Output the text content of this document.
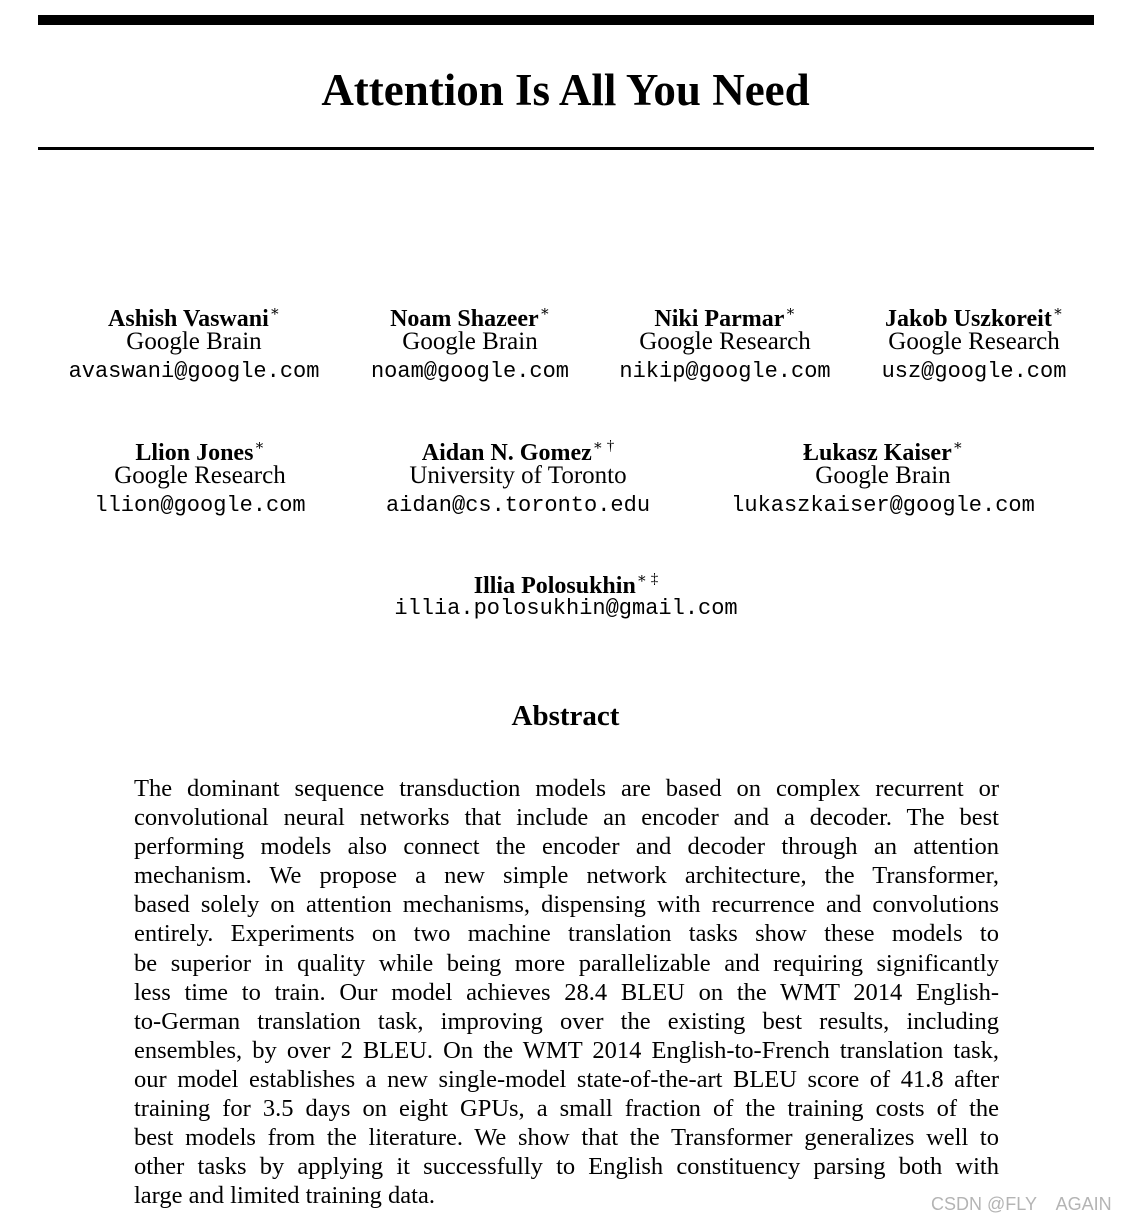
Attention Is All You Need
Ashish Vaswani∗
Google Brain
avaswani@google.com
Noam Shazeer∗
Google Brain
noam@google.com
Niki Parmar∗
Google Research
nikip@google.com
Jakob Uszkoreit∗
Google Research
usz@google.com
Llion Jones∗
Google Research
llion@google.com
Aidan N. Gomez∗ †
University of Toronto
aidan@cs.toronto.edu
Łukasz Kaiser∗
Google Brain
lukaszkaiser@google.com
Illia Polosukhin∗ ‡
illia.polosukhin@gmail.com
Abstract
The dominant sequence transduction models are based on complex recurrent or
convolutional neural networks that include an encoder and a decoder. The best
performing models also connect the encoder and decoder through an attention
mechanism. We propose a new simple network architecture, the Transformer,
based solely on attention mechanisms, dispensing with recurrence and convolutions
entirely. Experiments on two machine translation tasks show these models to
be superior in quality while being more parallelizable and requiring significantly
less time to train. Our model achieves 28.4 BLEU on the WMT 2014 English-
to-German translation task, improving over the existing best results, including
ensembles, by over 2 BLEU. On the WMT 2014 English-to-French translation task,
our model establishes a new single-model state-of-the-art BLEU score of 41.8 after
training for 3.5 days on eight GPUs, a small fraction of the training costs of the
best models from the literature. We show that the Transformer generalizes well to
other tasks by applying it successfully to English constituency parsing both with
large and limited training data.	CSDN @FLY    AGAIN
